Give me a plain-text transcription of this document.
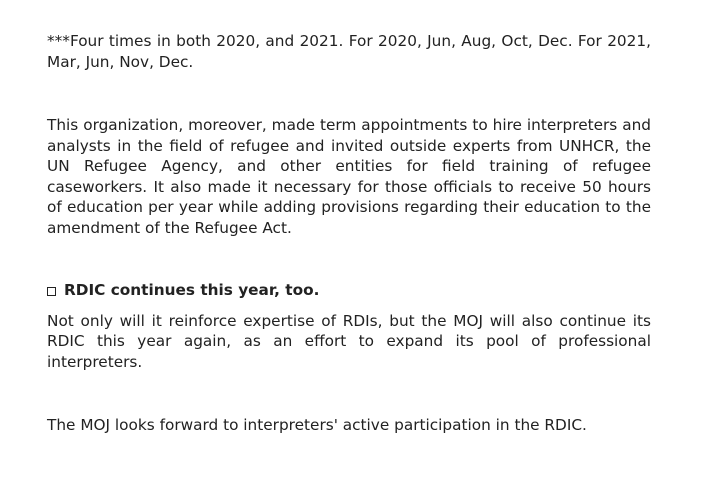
***Four times in both 2020, and 2021. For 2020, Jun, Aug, Oct, Dec. For 2021, Mar, Jun, Nov, Dec.

This organization, moreover, made term appointments to hire interpreters and analysts in the field of refugee and invited outside experts from UNHCR, the UN Refugee Agency, and other entities for field training of refugee caseworkers. It also made it necessary for those officials to receive 50 hours of education per year while adding provisions regarding their education to the amendment of the Refugee Act.

RDIC continues this year, too.

Not only will it reinforce expertise of RDIs, but the MOJ will also continue its RDIC this year again, as an effort to expand its pool of professional interpreters.

The MOJ looks forward to interpreters' active participation in the RDIC.
